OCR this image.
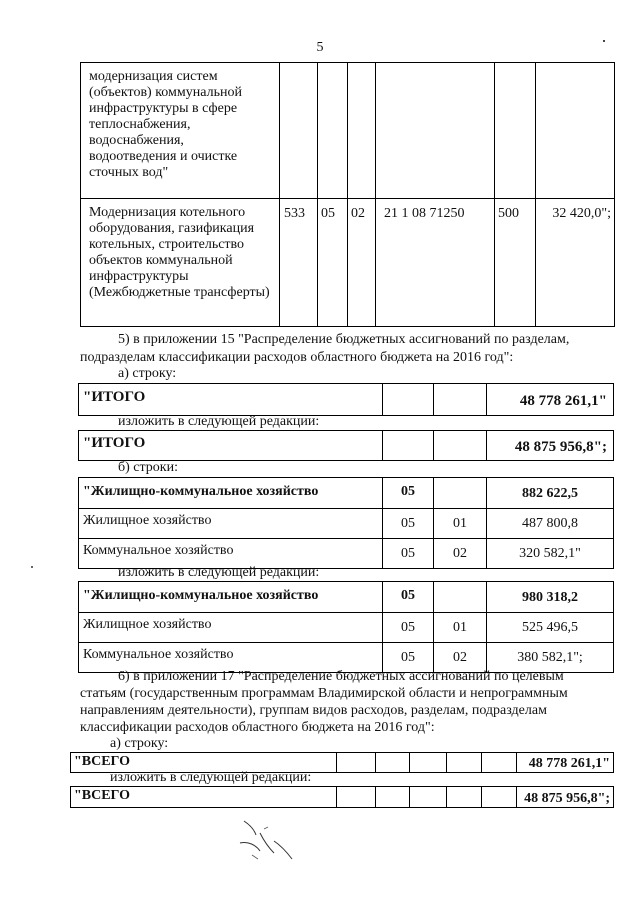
5
модернизация систем (объектов) коммунальной инфраструктуры в сфере теплоснабжения, водоснабжения, водоотведения и очистке сточных вод"						
Модернизация котельного оборудования, газификация котельных, строительство объектов коммунальной инфраструктуры (Межбюджетные трансферты)	533	05	02	21 1 08 71250	500	32 420,0";
5) в приложении 15 "Распределение бюджетных ассигнований по разделам,
подразделам классификации расходов областного бюджета на 2016 год":
а) строку:
"ИТОГО			48 778 261,1"
изложить в следующей редакции:
"ИТОГО			48 875 956,8";
б) строки:
"Жилищно-коммунальное хозяйство	05		882 622,5
Жилищное хозяйство	05	01	487 800,8
Коммунальное хозяйство	05	02	320 582,1"
изложить в следующей редакции:
"Жилищно-коммунальное хозяйство	05		980 318,2
Жилищное хозяйство	05	01	525 496,5
Коммунальное хозяйство	05	02	380 582,1";
6) в приложении 17 "Распределение бюджетных ассигнований по целевым
статьям (государственным программам Владимирской области и непрограммным
направлениям деятельности), группам видов расходов, разделам, подразделам
классификации расходов областного бюджета на 2016 год":
а) строку:
"ВСЕГО						48 778 261,1"
изложить в следующей редакции:
"ВСЕГО						48 875 956,8";
